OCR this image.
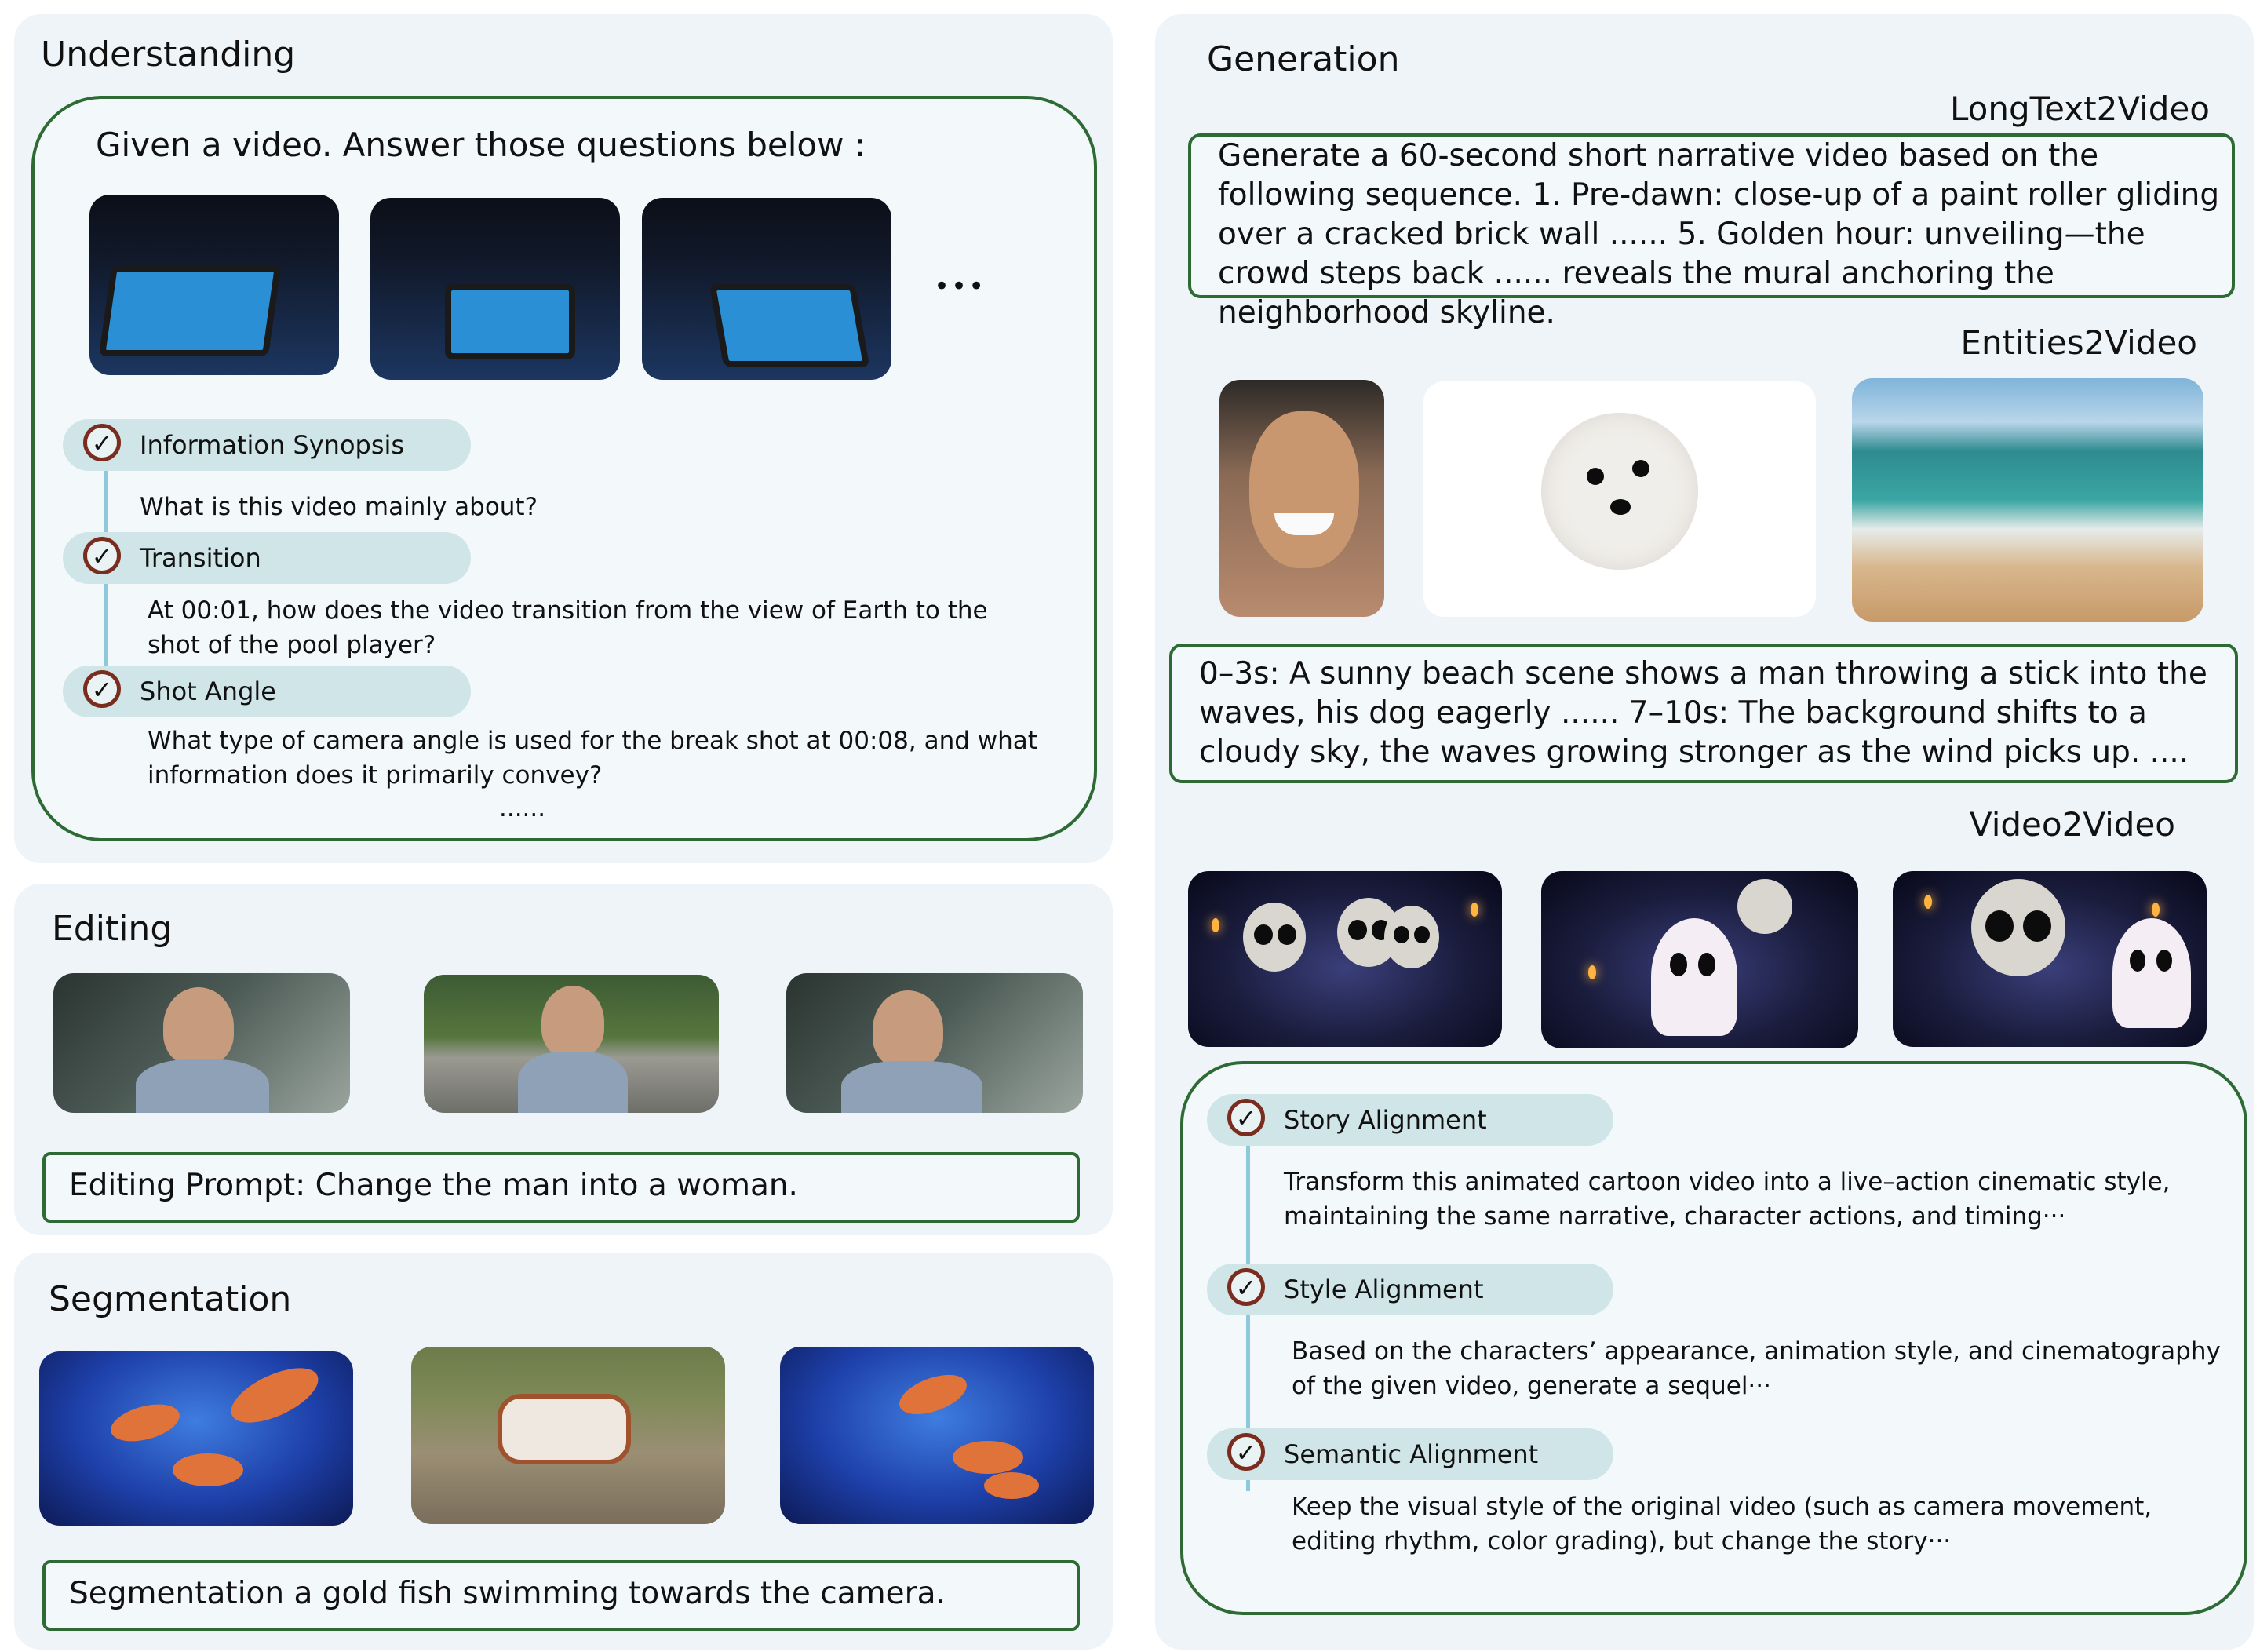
Understanding
Given a video. Answer those questions below :
•••
✓	Information Synopsis
What is this video mainly about?
✓	Transition
At 00:01, how does the video transition from the view of Earth to the shot of the pool player?
✓	Shot Angle
What type of camera angle is used for the break shot at 00:08, and what information does it primarily convey?
......
Editing
Editing Prompt: Change the man into a woman.
Segmentation
Segmentation a gold fish swimming towards the camera.
Generation
LongText2Video
Generate a 60-second short narrative video based on the following sequence. 1. Pre-dawn: close-up of a paint roller gliding over a cracked brick wall ...... 5. Golden hour: unveiling—the crowd steps back ...... reveals the mural anchoring the neighborhood skyline.
Entities2Video
0–3s: A sunny beach scene shows a man throwing a stick into the waves, his dog eagerly ...... 7–10s: The background shifts to a cloudy sky, the waves growing stronger as the wind picks up. ....
Video2Video
✓	Story Alignment
Transform this animated cartoon video into a live–action cinematic style, maintaining the same narrative, character actions, and timing···
✓	Style Alignment
Based on the characters’ appearance, animation style, and cinematography of the given video, generate a sequel···
✓	Semantic Alignment
Keep the visual style of the original video (such as camera movement, editing rhythm, color grading), but change the story···
